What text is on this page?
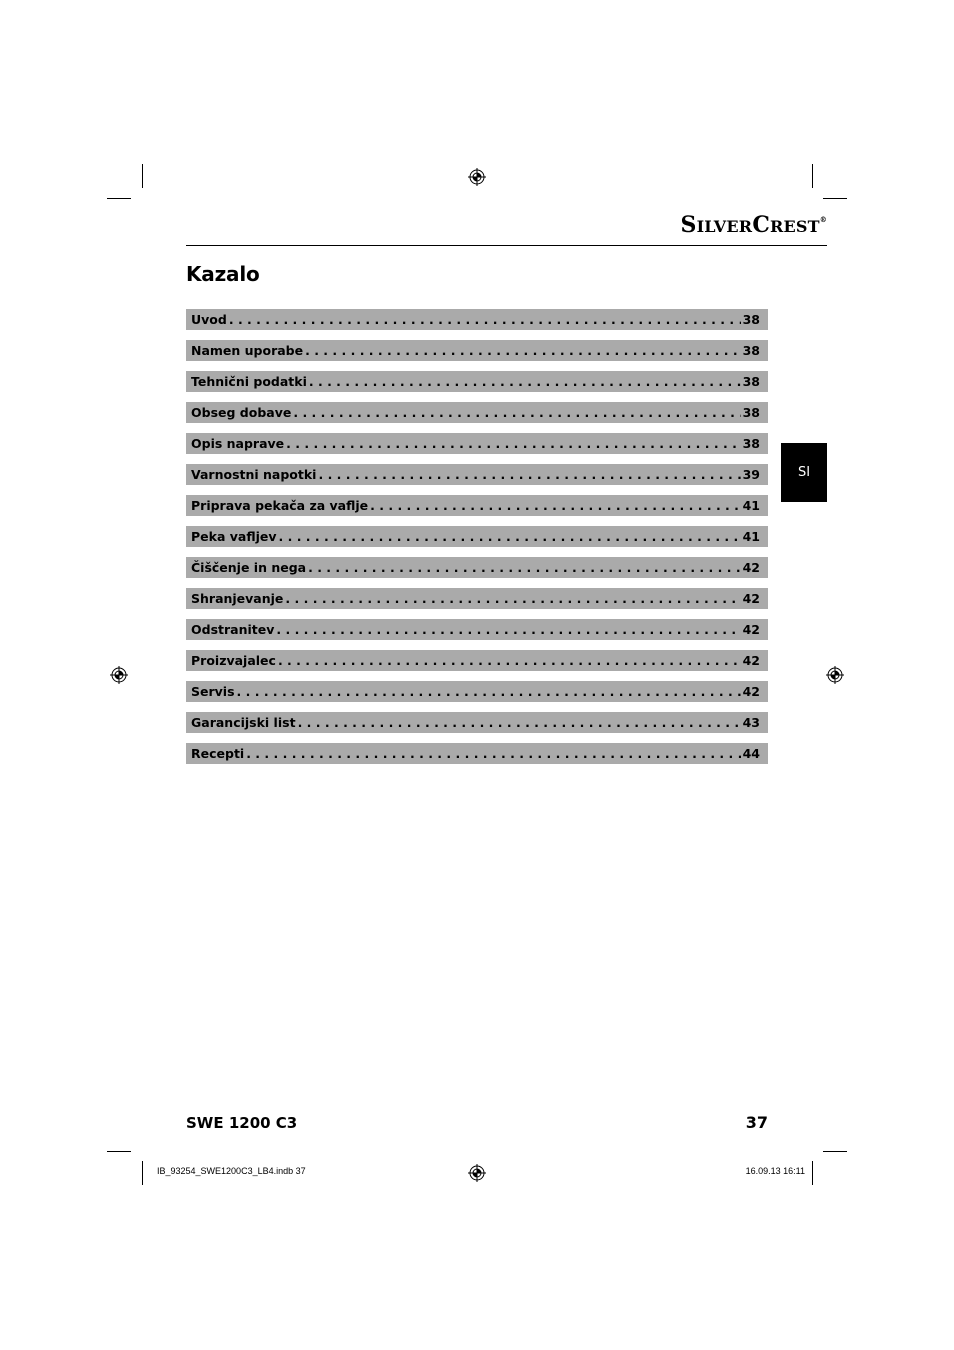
SILVERCREST®
Kazalo
Uvod . . .	38
Namen uporabe . . .	38
Tehnični podatki . . .	38
Obseg dobave . . .	38
Opis naprave . . .	38
Varnostni napotki . . .	39
Priprava pekača za vaflje . . .	41
Peka vafljev . . .	41
Čiščenje in nega . . .	42
Shranjevanje . . .	42
Odstranitev . . .	42
Proizvajalec . . .	42
Servis . . .	42
Garancijski list . . .	43
Recepti . . .	44
SI
SWE 1200 C3	37
IB_93254_SWE1200C3_LB4.indb 37	16.09.13 16:11
